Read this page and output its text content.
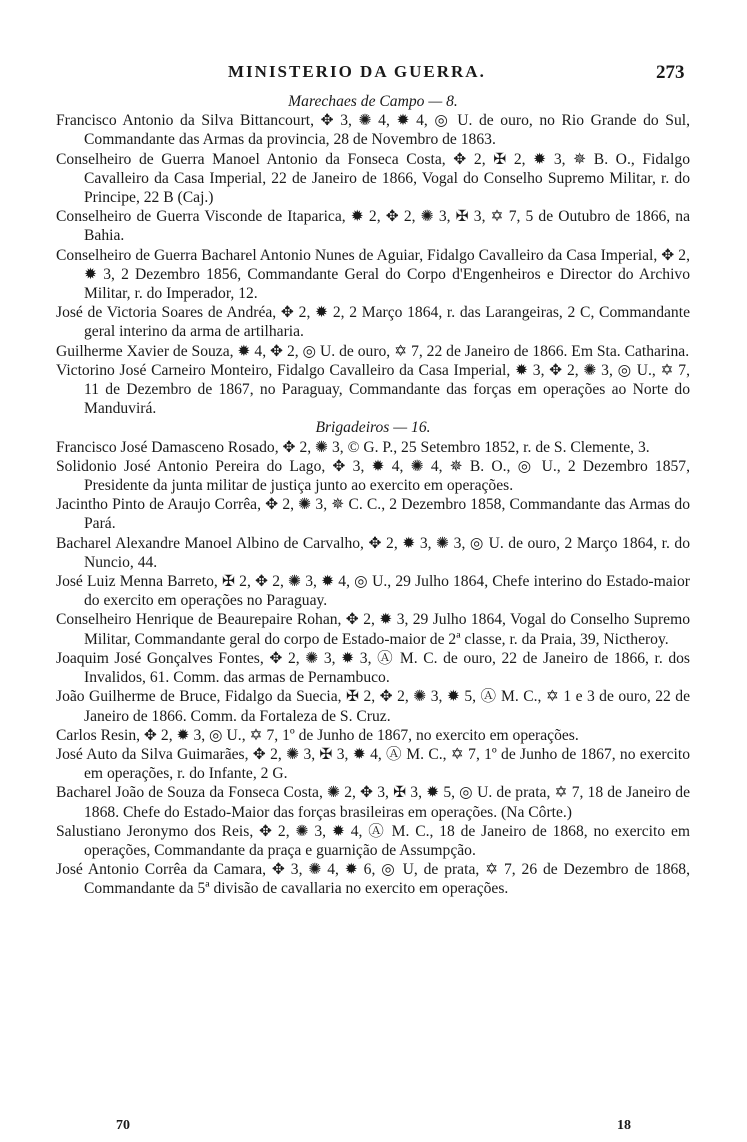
MINISTERIO DA GUERRA.	273
Marechaes de Campo — 8.
Francisco Antonio da Silva Bittancourt, ✥ 3, ✺ 4, ✹ 4, ◎ U. de ouro, no Rio Grande do Sul, Commandante das Armas da provincia, 28 de Novembro de 1863.
Conselheiro de Guerra Manoel Antonio da Fonseca Costa, ✥ 2, ✠ 2, ✹ 3, ✵ B. O., Fidalgo Cavalleiro da Casa Imperial, 22 de Janeiro de 1866, Vogal do Conselho Supremo Militar, r. do Principe, 22 B (Caj.)
Conselheiro de Guerra Visconde de Itaparica, ✹ 2, ✥ 2, ✺ 3, ✠ 3, ✡ 7, 5 de Outubro de 1866, na Bahia.
Conselheiro de Guerra Bacharel Antonio Nunes de Aguiar, Fidalgo Cavalleiro da Casa Imperial, ✥ 2, ✹ 3, 2 Dezembro 1856, Commandante Geral do Corpo d'Engenheiros e Director do Archivo Militar, r. do Imperador, 12.
José de Victoria Soares de Andréa, ✥ 2, ✹ 2, 2 Março 1864, r. das Larangeiras, 2 C, Commandante geral interino da arma de artilharia.
Guilherme Xavier de Souza, ✹ 4, ✥ 2, ◎ U. de ouro, ✡ 7, 22 de Janeiro de 1866. Em Sta. Catharina.
Victorino José Carneiro Monteiro, Fidalgo Cavalleiro da Casa Imperial, ✹ 3, ✥ 2, ✺ 3, ◎ U., ✡ 7, 11 de Dezembro de 1867, no Paraguay, Commandante das forças em operações ao Norte do Manduvirá.
Brigadeiros — 16.
Francisco José Damasceno Rosado, ✥ 2, ✺ 3, © G. P., 25 Setembro 1852, r. de S. Clemente, 3.
Solidonio José Antonio Pereira do Lago, ✥ 3, ✹ 4, ✺ 4, ✵ B. O., ◎ U., 2 Dezembro 1857, Presidente da junta militar de justiça junto ao exercito em operações.
Jacintho Pinto de Araujo Corrêa, ✥ 2, ✺ 3, ✵ C. C., 2 Dezembro 1858, Commandante das Armas do Pará.
Bacharel Alexandre Manoel Albino de Carvalho, ✥ 2, ✹ 3, ✺ 3, ◎ U. de ouro, 2 Março 1864, r. do Nuncio, 44.
José Luiz Menna Barreto, ✠ 2, ✥ 2, ✺ 3, ✹ 4, ◎ U., 29 Julho 1864, Chefe interino do Estado-maior do exercito em operações no Paraguay.
Conselheiro Henrique de Beaurepaire Rohan, ✥ 2, ✹ 3, 29 Julho 1864, Vogal do Conselho Supremo Militar, Commandante geral do corpo de Estado-maior de 2ª classe, r. da Praia, 39, Nictheroy.
Joaquim José Gonçalves Fontes, ✥ 2, ✺ 3, ✹ 3, Ⓐ M. C. de ouro, 22 de Janeiro de 1866, r. dos Invalidos, 61. Comm. das armas de Pernambuco.
João Guilherme de Bruce, Fidalgo da Suecia, ✠ 2, ✥ 2, ✺ 3, ✹ 5, Ⓐ M. C., ✡ 1 e 3 de ouro, 22 de Janeiro de 1866. Comm. da Fortaleza de S. Cruz.
Carlos Resin, ✥ 2, ✹ 3, ◎ U., ✡ 7, 1º de Junho de 1867, no exercito em operações.
José Auto da Silva Guimarães, ✥ 2, ✺ 3, ✠ 3, ✹ 4, Ⓐ M. C., ✡ 7, 1º de Junho de 1867, no exercito em operações, r. do Infante, 2 G.
Bacharel João de Souza da Fonseca Costa, ✺ 2, ✥ 3, ✠ 3, ✹ 5, ◎ U. de prata, ✡ 7, 18 de Janeiro de 1868. Chefe do Estado-Maior das forças brasileiras em operações. (Na Côrte.)
Salustiano Jeronymo dos Reis, ✥ 2, ✺ 3, ✹ 4, Ⓐ M. C., 18 de Janeiro de 1868, no exercito em operações, Commandante da praça e guarnição de Assumpção.
José Antonio Corrêa da Camara, ✥ 3, ✺ 4, ✹ 6, ◎ U, de prata, ✡ 7, 26 de Dezembro de 1868, Commandante da 5ª divisão de cavallaria no exercito em operações.
70	18
